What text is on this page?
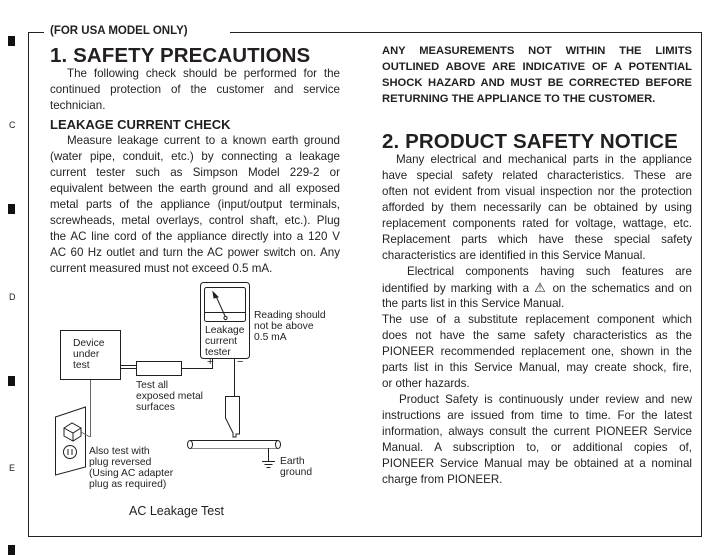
C
D
E
(FOR USA MODEL ONLY)
1. SAFETY PRECAUTIONS
The following check should be performed for the
continued protection of the customer and service
technician.
LEAKAGE CURRENT CHECK
Measure leakage current to a known earth ground
(water pipe, conduit, etc.) by connecting a leakage
current tester such as Simpson Model 229-2 or
equivalent between the earth ground and all exposed
metal parts of the appliance (input/output terminals,
screwheads, metal overlays, control shaft, etc.). Plug
the AC line cord of the appliance directly into a 120 V
AC 60 Hz outlet and turn the AC power switch on. Any
current measured must not exceed 0.5 mA.
Device
under
test
Leakage
current
tester
Reading should
not be above
0.5 mA
+ −
Test all
exposed metal
surfaces
Also test with
plug reversed
(Using AC adapter
plug as required)
Earth
ground
AC Leakage Test
ANY MEASUREMENTS NOT WITHIN THE LIMITS
OUTLINED ABOVE ARE INDICATIVE OF A POTENTIAL
SHOCK HAZARD AND MUST BE CORRECTED BEFORE
RETURNING THE APPLIANCE TO THE CUSTOMER.
2. PRODUCT SAFETY NOTICE
Many electrical and mechanical parts in the appliance
have special safety related characteristics. These are
often not evident from visual inspection nor the protection
afforded by them necessarily can be obtained by using
replacement components rated for voltage, wattage, etc.
Replacement parts which have these special safety
characteristics are identified in this Service Manual.
Electrical components having such features are
identified by marking with a ⚠ on the schematics and on
the parts list in this Service Manual.
The use of a substitute replacement component which
does not have the same safety characteristics as the
PIONEER recommended replacement one, shown in the
parts list in this Service Manual, may create shock, fire,
or other hazards.
Product Safety is continuously under review and new
instructions are issued from time to time. For the latest
information, always consult the current PIONEER Service
Manual. A subscription to, or additional copies of,
PIONEER Service Manual may be obtained at a nominal
charge from PIONEER.
